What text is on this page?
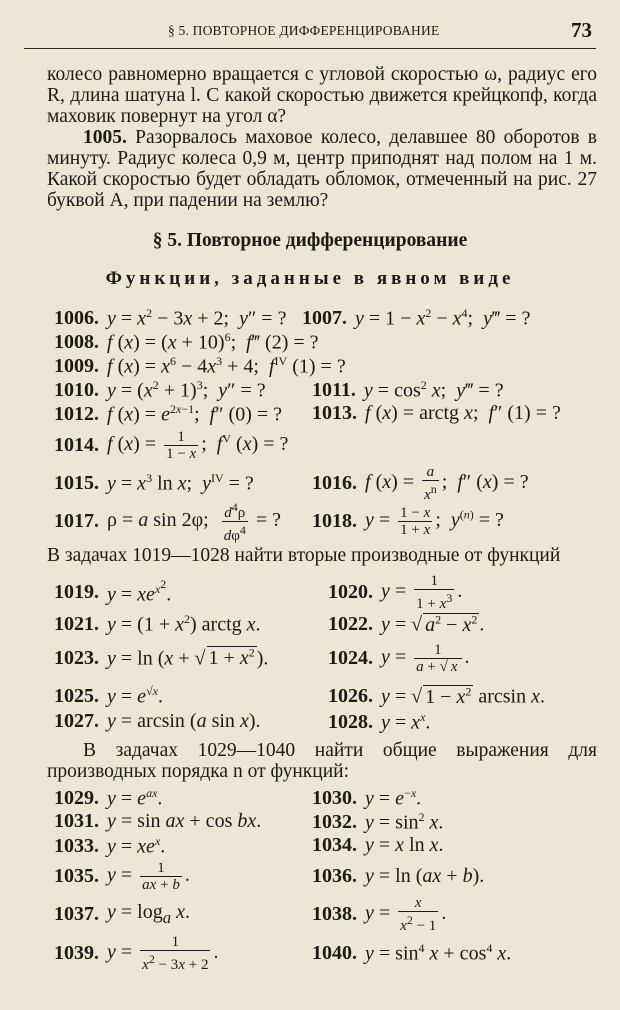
§ 5. ПОВТОРНОЕ ДИФФЕРЕНЦИРОВАНИЕ	73

колесо равномерно вращается с угловой скоростью ω, радиус его R, длина шатуна l. С какой скоростью движется крейцкопф, когда маховик повернут на угол α?

1005. Разорвалось маховое колесо, делавшее 80 оборотов в минуту. Радиус колеса 0,9 м, центр приподнят над полом на 1 м. Какой скоростью будет обладать обломок, отмеченный на рис. 27 буквой A, при падении на землю?

§ 5. Повторное дифференцирование
Функции, заданные в явном виде
1006. $y = x^2 - 3x + 2$;  y″ = ? 1007. $y = 1 - x^2 - x^4$;  y‴ = ?
1008. f $(x) = (x + 10)^6$;  f‴ (2) = ?
1009. f $(x) = x^6 - 4x^3 + 4$;  $f^{IV}$ (1) = ?
1010. $y = (x^2 + 1)^3$;  y″ = ? 1011. $y = \cos^2 x$;  y‴ = ?
1012. f $(x) = e^{2x-1}$;  f″ (0) = ? 1013. f (x) = arctg x;  f″ (1) = ?
1014. f $(x) = \frac{1}{1 - x}$ ;  $f^V$ (x) = ?
1015. $y = x^3$ ln x;  $y^{IV}$ = ?	1016. f $(x) = \frac{a}{x^n}$ ;  f″ (x) = ?
1017. ρ = a sin 2φ; $\frac{d^4\rho}{d\varphi^4}$ = ? 1018. $y = \frac{1 - x}{1 + x}$ ;  $y^{(n)}$ = ?

В задачах 1019—1028 найти вторые производные от функций

1019. $y = xe^{x^2}$.	1020. $y = \frac{1}{1 + x^3}$ .
1021. $y = (1 + x^2)$ arctg x.	1022. y = √ $a^2 - x^2$ .
1023. y = ln (x + √ $1 + x^2$ ).	1024. $y = \frac{1}{a + √ x}$ .
1025. $y = e^{√x}$.	1026. y = √ $1 - x^2$ arcsin x.
1027. y = arcsin (a sin x).	1028. $y = x^x$.

В задачах 1029—1040 найти общие выражения для производных порядка n от функций:

1029. $y = e^{ax}$.	1030. $y = e^{-x}$.
1031. y = sin ax + cos bx.	1032. $y = \sin^2 x$.
1033. $y = xe^x$.	1034. y = x ln x.
1035. $y = \frac{1}{ax + b}$ .	1036. y = ln (ax + b).
1037. $y = \log_a x$.	1038. $y = \frac{x}{x^2 - 1}$ .
1039. $y = \frac{1}{x^2 - 3x + 2}$ .	1040. $y = \sin^4 x + \cos^4 x$.
